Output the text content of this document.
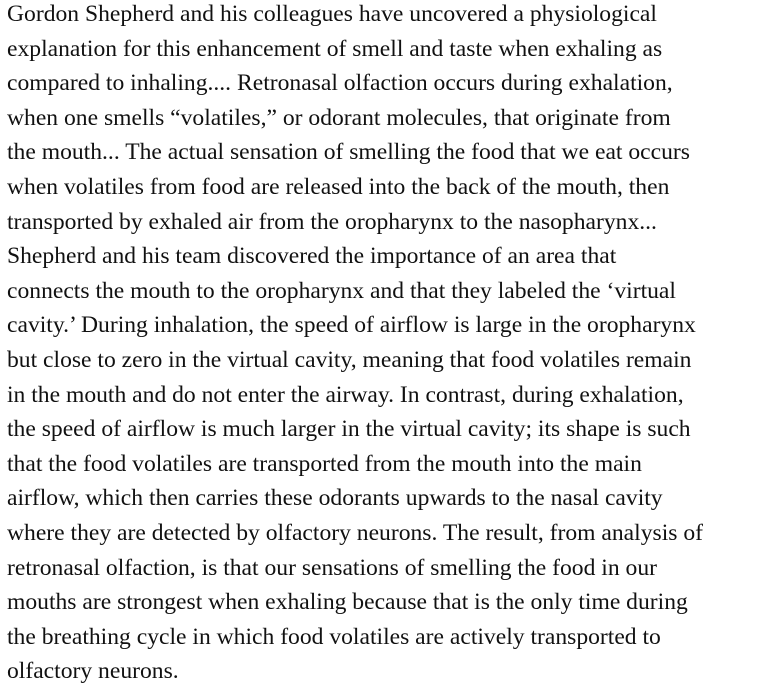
Gordon Shepherd and his colleagues have uncovered a physiological
explanation for this enhancement of smell and taste when exhaling as
compared to inhaling.... Retronasal olfaction occurs during exhalation,
when one smells “volatiles,” or odorant molecules, that originate from
the mouth... The actual sensation of smelling the food that we eat occurs
when volatiles from food are released into the back of the mouth, then
transported by exhaled air from the oropharynx to the nasopharynx...
Shepherd and his team discovered the importance of an area that
connects the mouth to the oropharynx and that they labeled the ‘virtual
cavity.’ During inhalation, the speed of airflow is large in the oropharynx
but close to zero in the virtual cavity, meaning that food volatiles remain
in the mouth and do not enter the airway. In contrast, during exhalation,
the speed of airflow is much larger in the virtual cavity; its shape is such
that the food volatiles are transported from the mouth into the main
airflow, which then carries these odorants upwards to the nasal cavity
where they are detected by olfactory neurons. The result, from analysis of
retronasal olfaction, is that our sensations of smelling the food in our
mouths are strongest when exhaling because that is the only time during
the breathing cycle in which food volatiles are actively transported to
olfactory neurons.
